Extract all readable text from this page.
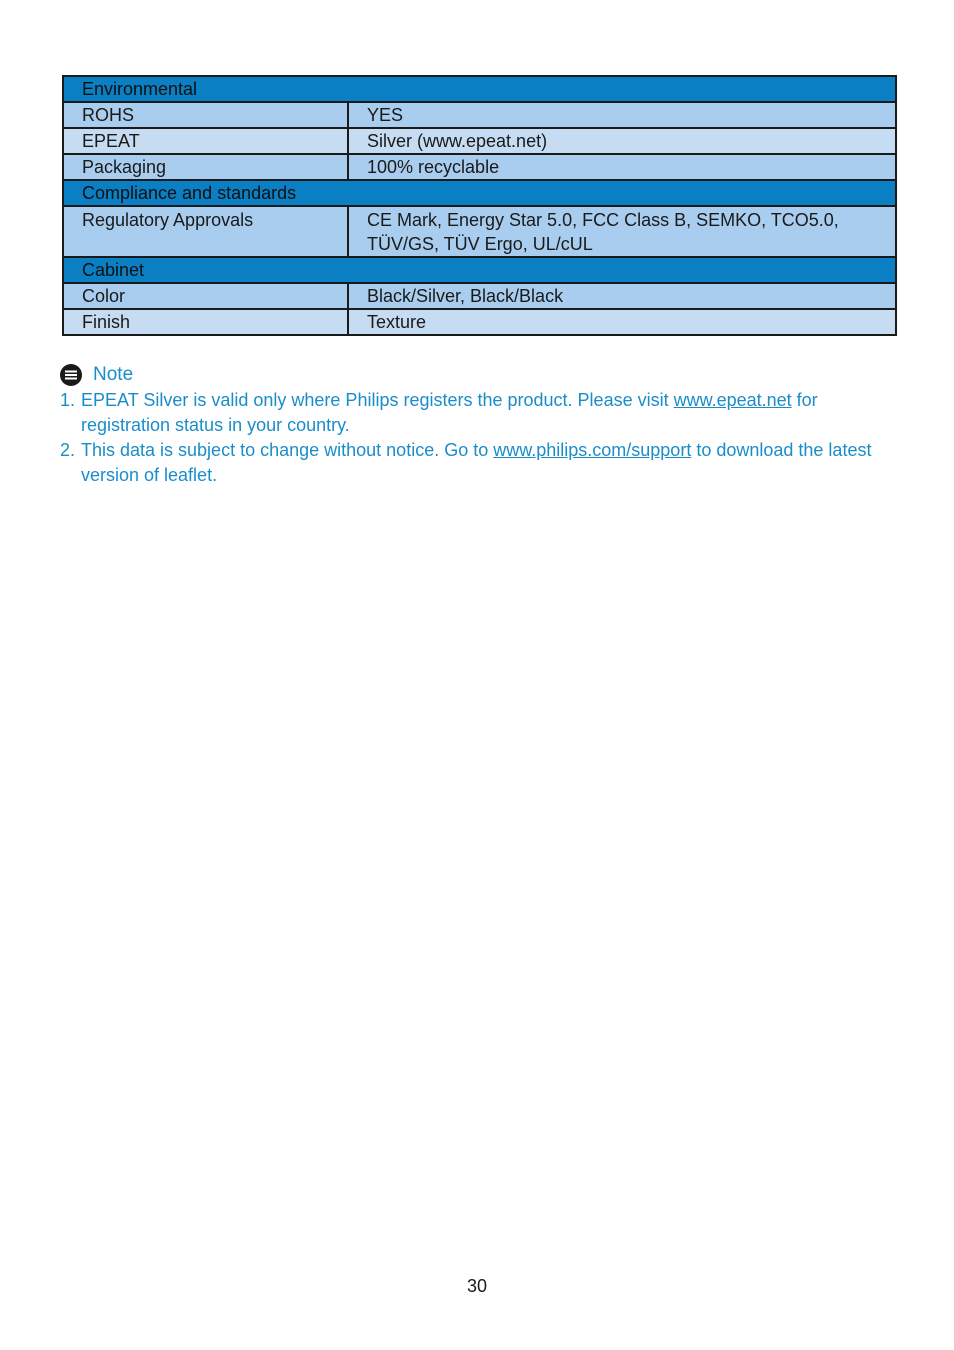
Environmental	
ROHS	YES
EPEAT	Silver (www.epeat.net)
Packaging	100% recyclable
Compliance and standards	
Regulatory Approvals	CE Mark, Energy Star 5.0, FCC Class B, SEMKO, TCO5.0,
TÜV/GS, TÜV Ergo, UL/cUL

Cabinet	
Color	Black/Silver, Black/Black
Finish	Texture
Note
1. EPEAT Silver is valid only where Philips registers the product. Please visit www.epeat.net for registration status in your country.
2. This data is subject to change without notice. Go to www.philips.com/support to download the latest version of leaflet.
30
